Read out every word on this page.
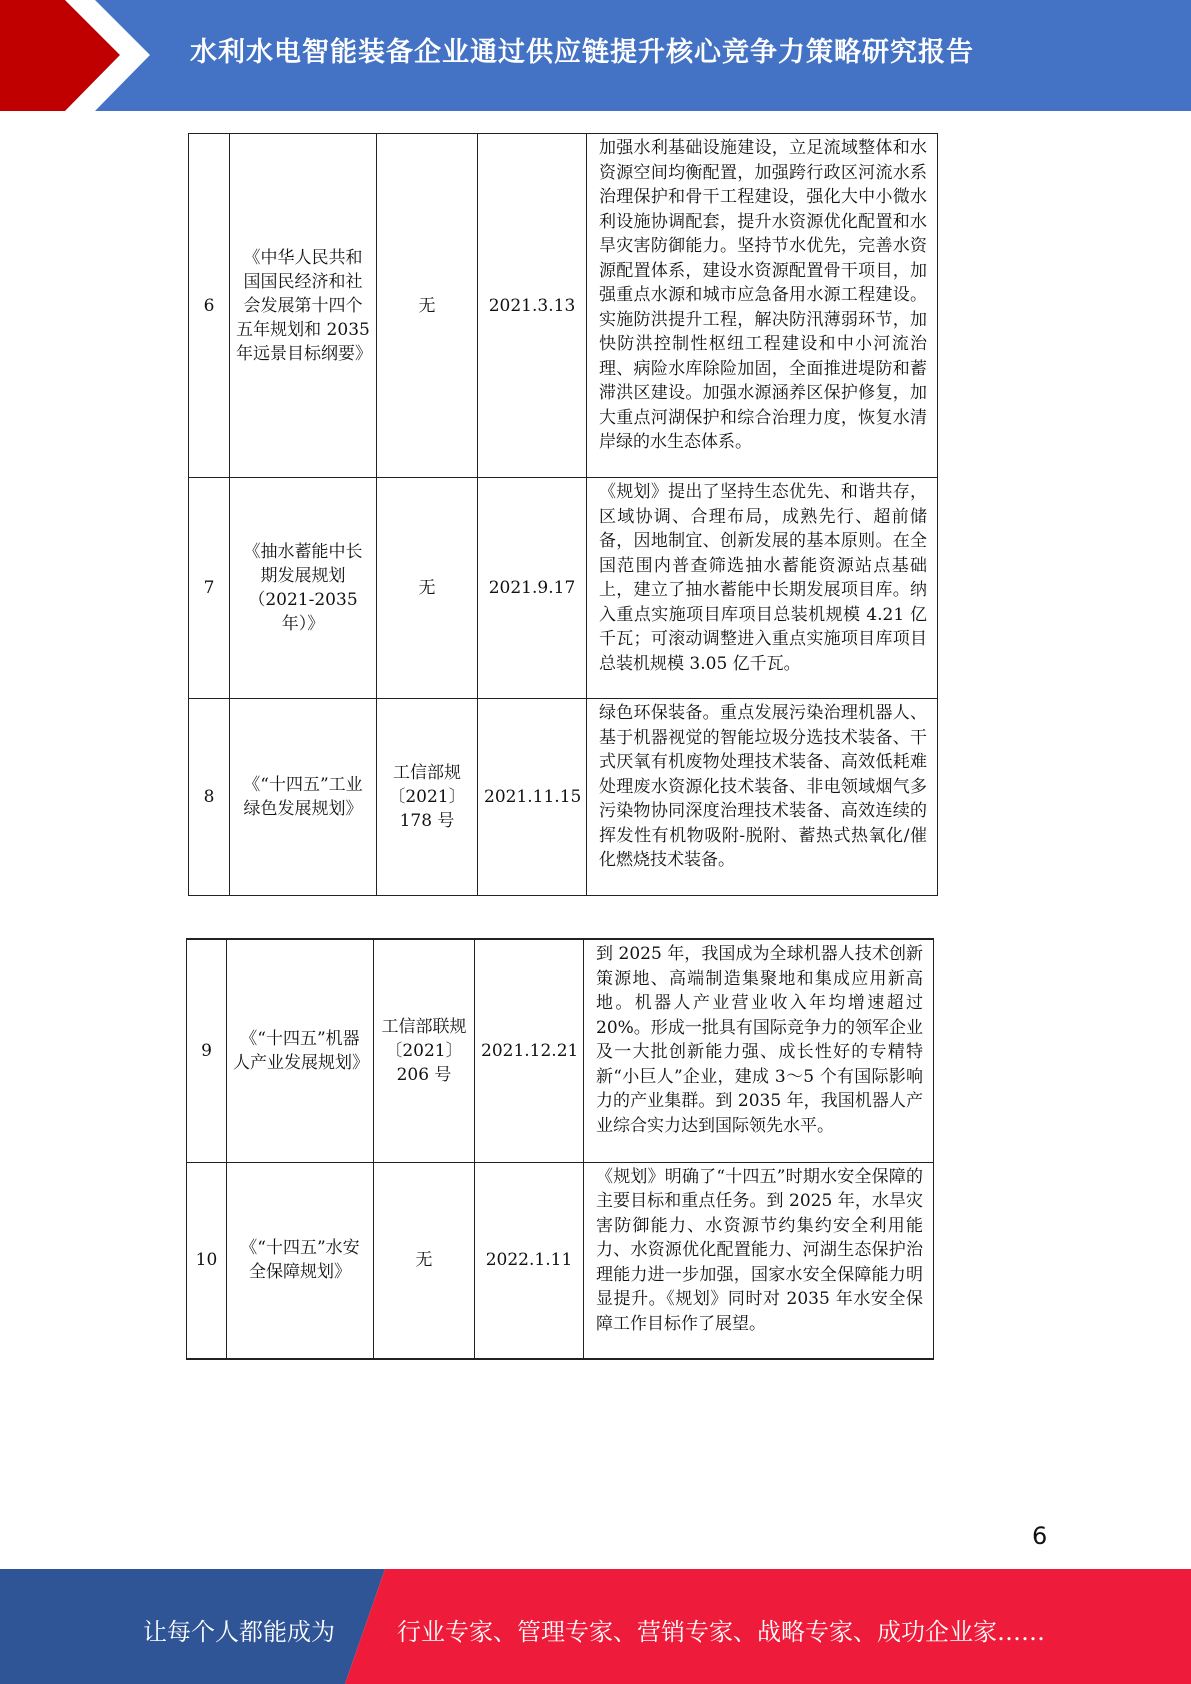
水利水电智能装备企业通过供应链提升核心竞争力策略研究报告
6	《中华人民共和国国民经济和社会发展第十四个五年规划和 2035 年远景目标纲要》	无	2021.3.13	加强水利基础设施建设，立足流域整体和水资源空间均衡配置，加强跨行政区河流水系治理保护和骨干工程建设，强化大中小微水利设施协调配套，提升水资源优化配置和水旱灾害防御能力。坚持节水优先，完善水资源配置体系，建设水资源配置骨干项目，加强重点水源和城市应急备用水源工程建设。实施防洪提升工程，解决防汛薄弱环节，加快防洪控制性枢纽工程建设和中小河流治理、病险水库除险加固，全面推进堤防和蓄滞洪区建设。加强水源涵养区保护修复，加大重点河湖保护和综合治理力度，恢复水清岸绿的水生态体系。
7	《抽水蓄能中长期发展规划（2021-2035年）》	无	2021.9.17	《规划》提出了坚持生态优先、和谐共存，区域协调、合理布局，成熟先行、超前储备，因地制宜、创新发展的基本原则。在全国范围内普查筛选抽水蓄能资源站点基础上，建立了抽水蓄能中长期发展项目库。纳入重点实施项目库项目总装机规模 4.21 亿千瓦；可滚动调整进入重点实施项目库项目总装机规模 3.05 亿千瓦。
8	《“十四五”工业绿色发展规划》	工信部规〔2021〕178 号	2021.11.15	绿色环保装备。重点发展污染治理机器人、基于机器视觉的智能垃圾分选技术装备、干式厌氧有机废物处理技术装备、高效低耗难处理废水资源化技术装备、非电领域烟气多污染物协同深度治理技术装备、高效连续的挥发性有机物吸附-脱附、蓄热式热氧化/催化燃烧技术装备。
9	《“十四五”机器人产业发展规划》	工信部联规〔2021〕206 号	2021.12.21	到 2025 年，我国成为全球机器人技术创新策源地、高端制造集聚地和集成应用新高地。机器人产业营业收入年均增速超过 20%。形成一批具有国际竞争力的领军企业及一大批创新能力强、成长性好的专精特新“小巨人”企业，建成 3～5 个有国际影响力的产业集群。到 2035 年，我国机器人产业综合实力达到国际领先水平。
10	《“十四五”水安全保障规划》	无	2022.1.11	《规划》明确了“十四五”时期水安全保障的主要目标和重点任务。到 2025 年，水旱灾害防御能力、水资源节约集约安全利用能力、水资源优化配置能力、河湖生态保护治理能力进一步加强，国家水安全保障能力明显提升。《规划》同时对 2035 年水安全保障工作目标作了展望。
6
让每个人都能成为	行业专家、管理专家、营销专家、战略专家、成功企业家……
